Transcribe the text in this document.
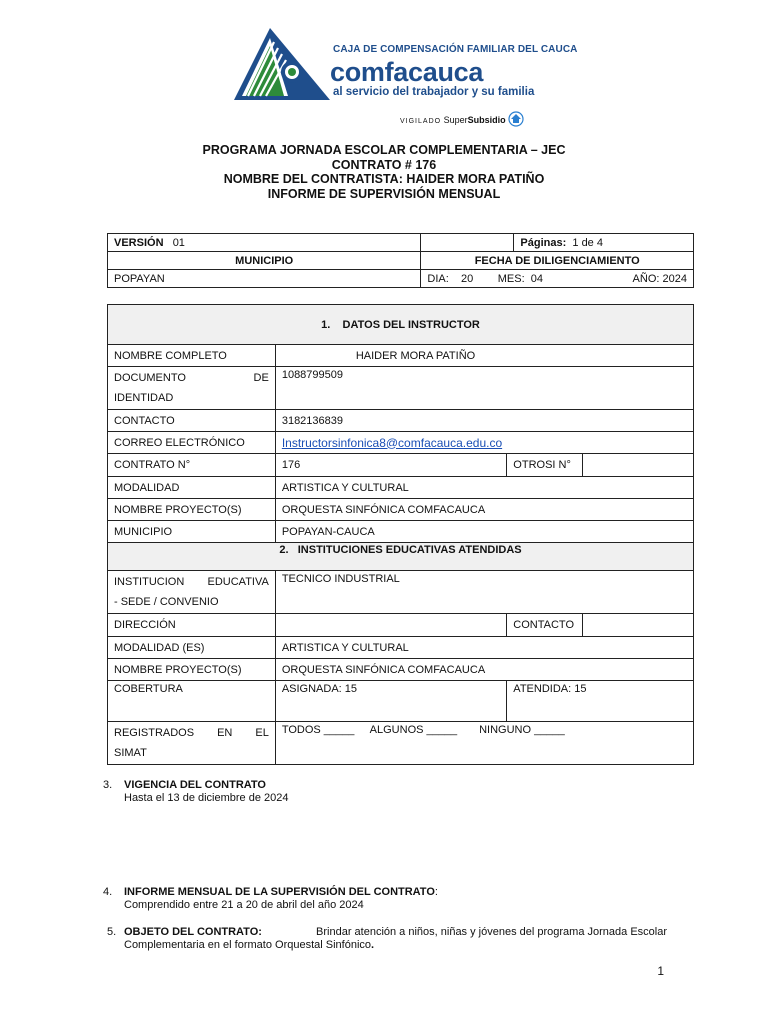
CAJA DE COMPENSACIÓN FAMILIAR DEL CAUCA
comfacauca
al servicio del trabajador y su familia
VIGILADO SuperSubsidio
PROGRAMA JORNADA ESCOLAR COMPLEMENTARIA – JEC
CONTRATO # 176
NOMBRE DEL CONTRATISTA: HAIDER MORA PATIÑO
INFORME DE SUPERVISIÓN MENSUAL
VERSIÓN 01		Páginas: 1 de 4
MUNICIPIO	FECHA DE DILIGENCIAMIENTO	
POPAYAN	DIA: 20 MES: 04 AÑO: 2024	
1. DATOS DEL INSTRUCTOR			
NOMBRE COMPLETO	HAIDER MORA PATIÑO		

DOCUMENTO DE
IDENTIDAD	1088799509		
CONTACTO	3182136839		
CORREO ELECTRÓNICO	Instructorsinfonica8@comfacauca.edu.co		
CONTRATO N°	176	OTROSI N°	
MODALIDAD	ARTISTICA Y CULTURAL		
NOMBRE PROYECTO(S)	ORQUESTA SINFÓNICA COMFACAUCA		
MUNICIPIO	POPAYAN-CAUCA		
2. INSTITUCIONES EDUCATIVAS ATENDIDAS			

INSTITUCION EDUCATIVA
- SEDE / CONVENIO	TECNICO INDUSTRIAL		
DIRECCIÓN		CONTACTO	
MODALIDAD (ES)	ARTISTICA Y CULTURAL		
NOMBRE PROYECTO(S)	ORQUESTA SINFÓNICA COMFACAUCA		
COBERTURA	ASIGNADA: 15	ATENDIDA: 15	

REGISTRADOS EN EL
SIMAT	TODOS _____ ALGUNOS _____ NINGUNO _____		
3. VIGENCIA DEL CONTRATO
Hasta el 13 de diciembre de 2024
4. INFORME MENSUAL DE LA SUPERVISIÓN DEL CONTRATO:
Comprendido entre 21 a 20 de abril del año 2024
5. OBJETO DEL CONTRATO:	Brindar atención a niños, niñas y jóvenes del programa Jornada Escolar
Complementaria en el formato Orquestal Sinfónico.
1
